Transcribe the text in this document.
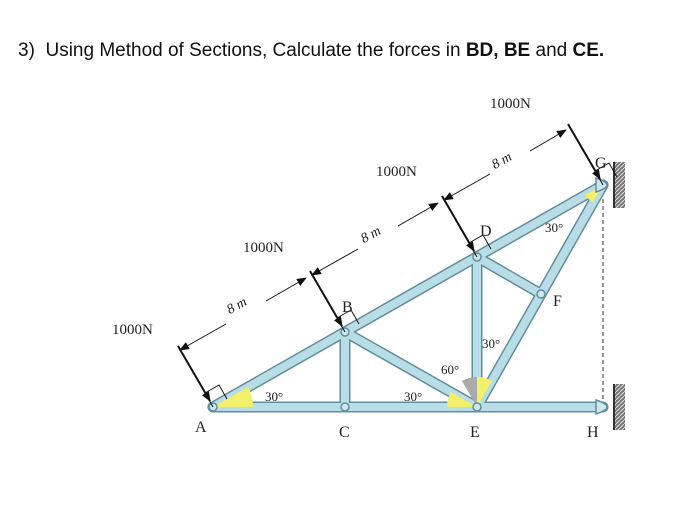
3) Using Method of Sections, Calculate the forces in BD, BE and CE.
1000N
1000N
1000N
1000N
8 m
8 m
8 m
A
B
C
D
E
F
G
H
30°	30°
60°
30°
30°
